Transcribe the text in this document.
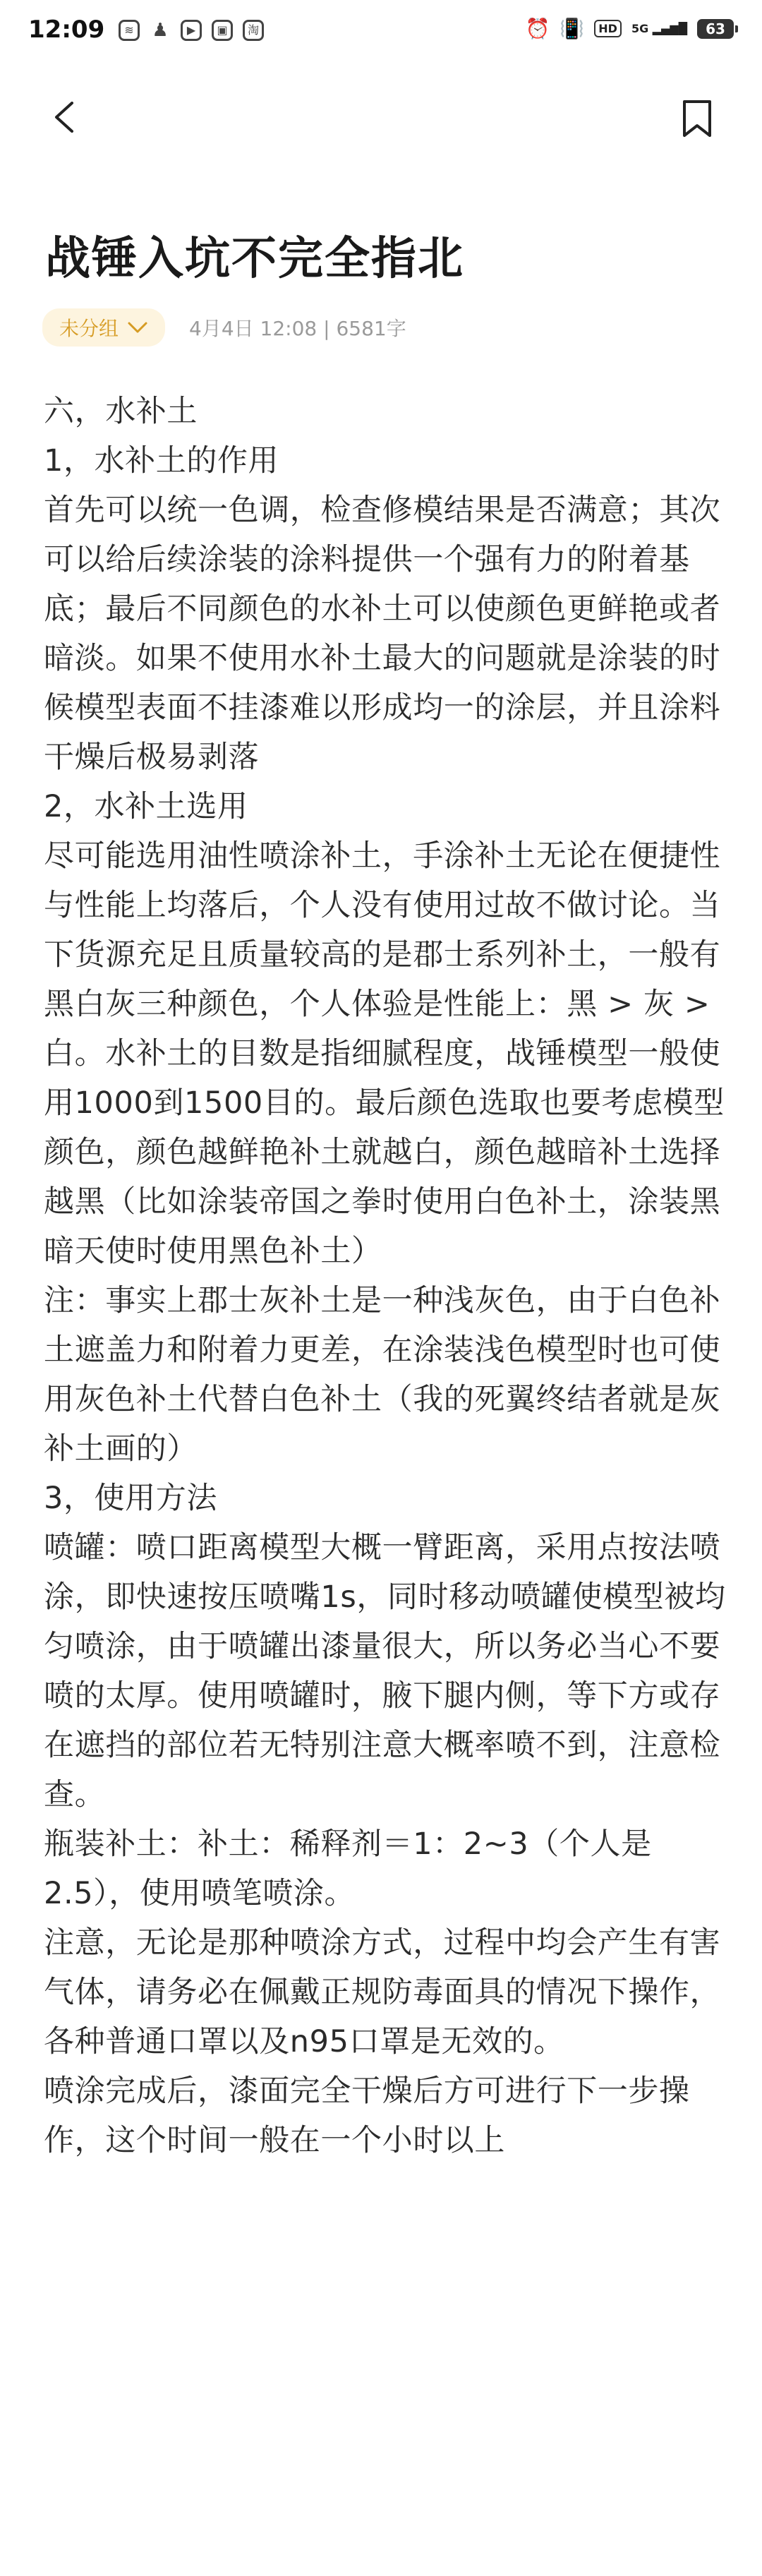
12:09	≋ ♟	▶	▣	淘	⏰ 📳	HD	5G ▂▄▆█	63
战锤入坑不完全指北
未分组	4月4日 12:08 | 6581字

六，水补土

1，水补土的作用

首先可以统一色调，检查修模结果是否满意；其次可以给后续涂装的涂料提供一个强有力的附着基底；最后不同颜色的水补土可以使颜色更鲜艳或者暗淡。如果不使用水补土最大的问题就是涂装的时候模型表面不挂漆难以形成均一的涂层，并且涂料干燥后极易剥落

2，水补土选用

尽可能选用油性喷涂补土，手涂补土无论在便捷性与性能上均落后，个人没有使用过故不做讨论。当下货源充足且质量较高的是郡士系列补土，一般有黑白灰三种颜色，个人体验是性能上：黑 > 灰 > 白。水补土的目数是指细腻程度，战锤模型一般使用1000到1500目的。最后颜色选取也要考虑模型颜色，颜色越鲜艳补土就越白，颜色越暗补土选择越黑（比如涂装帝国之拳时使用白色补土，涂装黑暗天使时使用黑色补土）

注：事实上郡士灰补土是一种浅灰色，由于白色补土遮盖力和附着力更差，在涂装浅色模型时也可使用灰色补土代替白色补土（我的死翼终结者就是灰补土画的）

3，使用方法

喷罐：喷口距离模型大概一臂距离，采用点按法喷涂，即快速按压喷嘴1s，同时移动喷罐使模型被均匀喷涂，由于喷罐出漆量很大，所以务必当心不要喷的太厚。使用喷罐时，腋下腿内侧，等下方或存在遮挡的部位若无特别注意大概率喷不到，注意检查。

瓶装补土：补土：稀释剂＝1：2~3（个人是2.5），使用喷笔喷涂。

注意，无论是那种喷涂方式，过程中均会产生有害气体，请务必在佩戴正规防毒面具的情况下操作，各种普通口罩以及n95口罩是无效的。

喷涂完成后，漆面完全干燥后方可进行下一步操作，这个时间一般在一个小时以上
